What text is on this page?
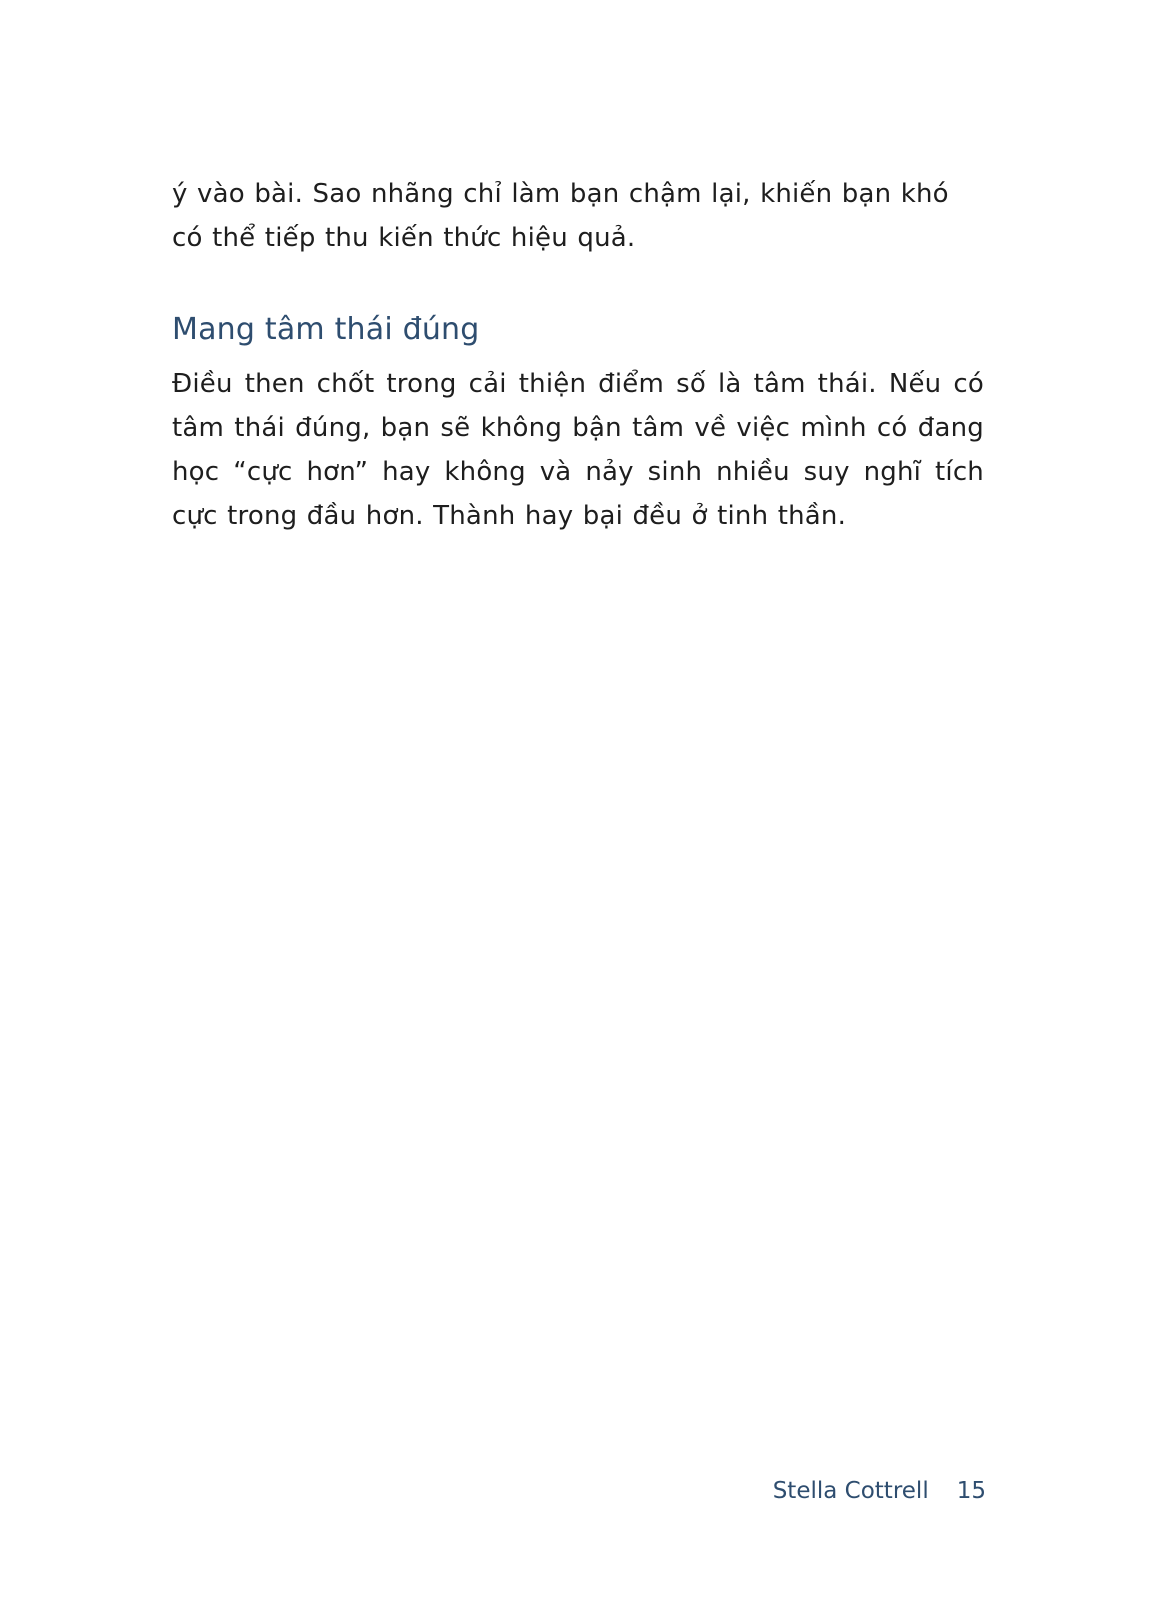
ý vào bài. Sao nhãng chỉ làm bạn chậm lại, khiến bạn khó có thể tiếp thu kiến thức hiệu quả.

Mang tâm thái đúng

Điều then chốt trong cải thiện điểm số là tâm thái. Nếu có tâm thái đúng, bạn sẽ không bận tâm về việc mình có đang học “cực hơn” hay không và nảy sinh nhiều suy nghĩ tích cực trong đầu hơn. Thành hay bại đều ở tinh thần.

Stella Cottrell 15
